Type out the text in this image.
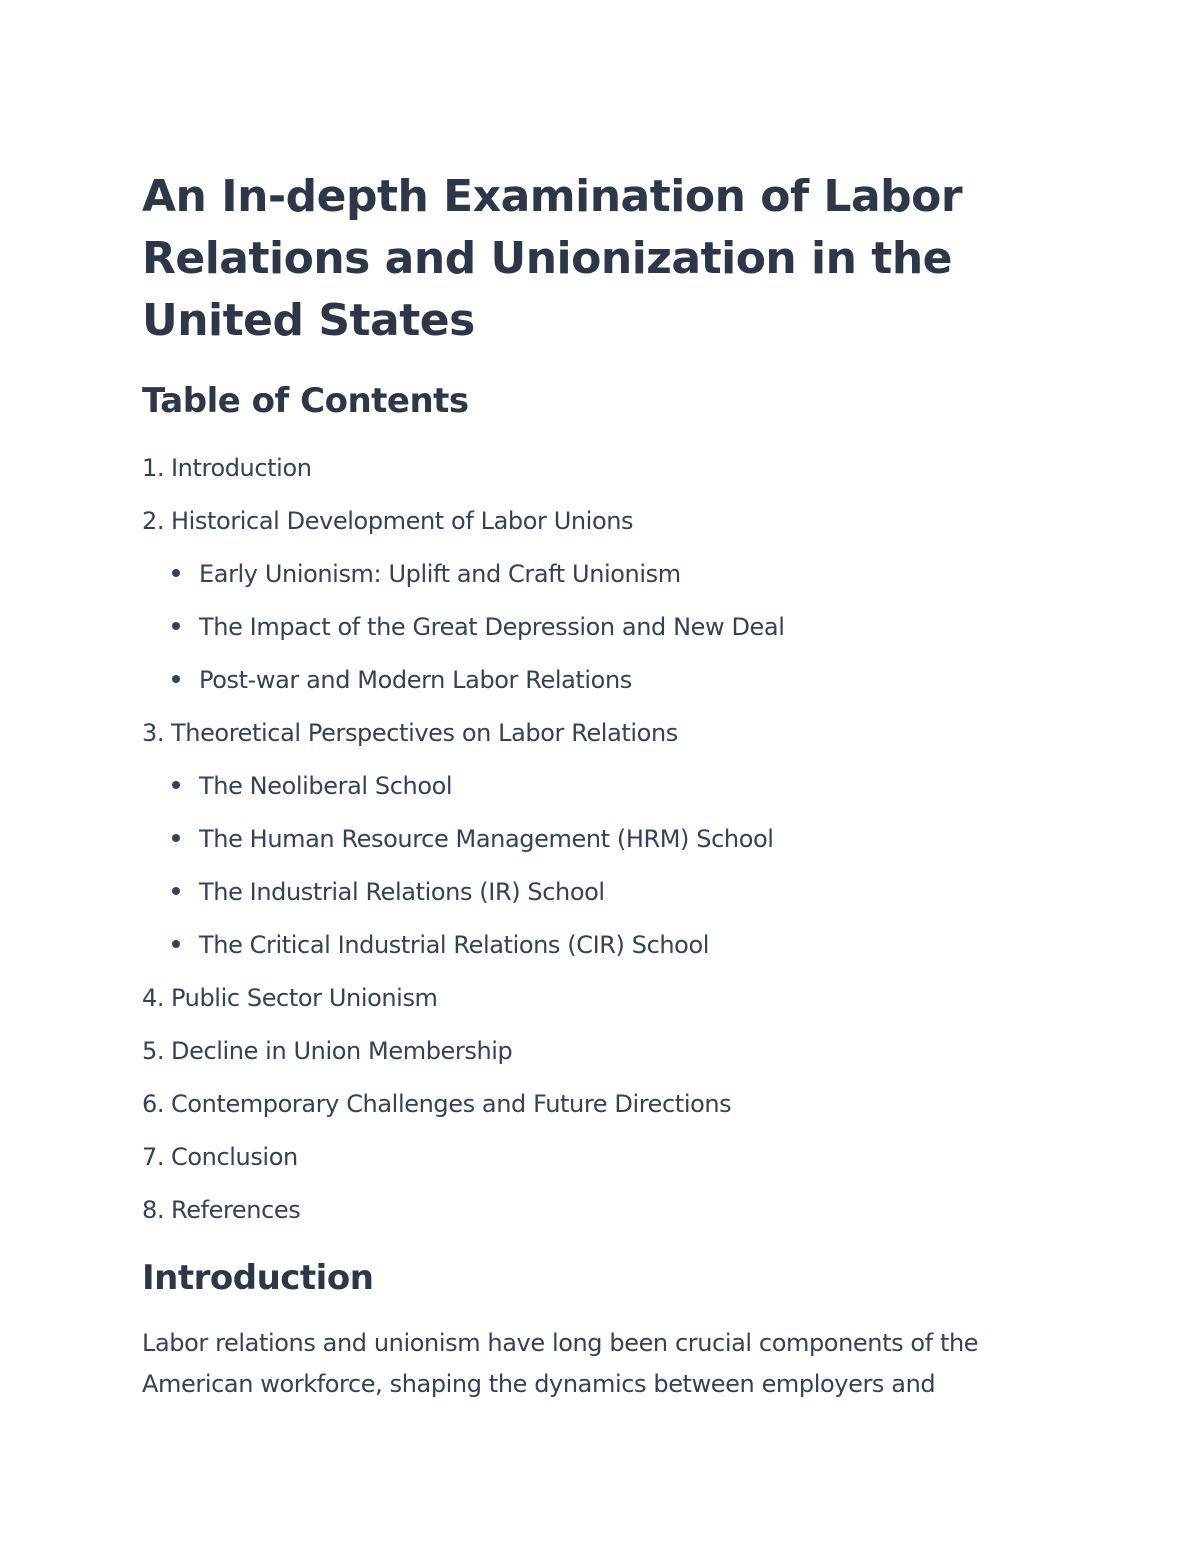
An In-depth Examination of Labor Relations and Unionization in the United States
Table of Contents
1. Introduction
2. Historical Development of Labor Unions
Early Unionism: Uplift and Craft Unionism
The Impact of the Great Depression and New Deal
Post-war and Modern Labor Relations
3. Theoretical Perspectives on Labor Relations
The Neoliberal School
The Human Resource Management (HRM) School
The Industrial Relations (IR) School
The Critical Industrial Relations (CIR) School
4. Public Sector Unionism
5. Decline in Union Membership
6. Contemporary Challenges and Future Directions
7. Conclusion
8. References
Introduction

Labor relations and unionism have long been crucial components of the American workforce, shaping the dynamics between employers and
